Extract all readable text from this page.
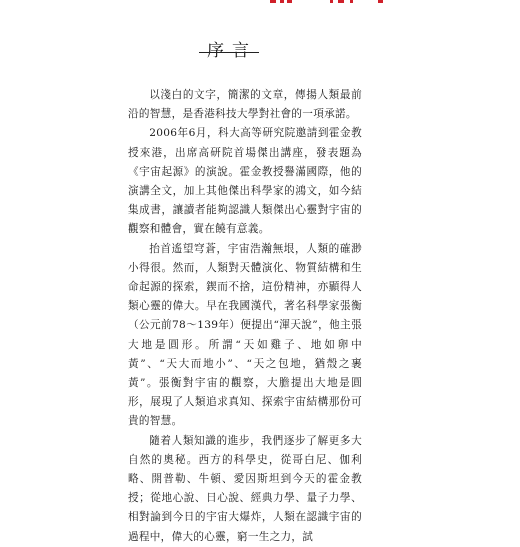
序言

以淺白的文字，簡潔的文章，傳揚人類最前沿的智慧，是香港科技大學對社會的一項承諾。

2006年6月，科大高等研究院邀請到霍金教授來港，出席高研院首場傑出講座，發表題為《宇宙起源》的演說。霍金教授譽滿國際，他的演講全文，加上其他傑出科學家的鴻文，如今結集成書，讓讀者能夠認識人類傑出心靈對宇宙的觀察和體會，實在饒有意義。

抬首遙望穹蒼，宇宙浩瀚無垠，人類的確渺小得很。然而，人類對天體演化、物質結構和生命起源的探索，鍥而不捨，這份精神，亦顯得人類心靈的偉大。早在我國漢代，著名科學家張衡（公元前78～139年）便提出“渾天說”，他主張大地是圓形。所謂“天如雞子、地如卵中黃”、“天大而地小”、“天之包地，猶殼之裹黃”。張衡對宇宙的觀察，大膽提出大地是圓形，展現了人類追求真知、探索宇宙結構那份可貴的智慧。

隨着人類知識的進步，我們逐步了解更多大自然的奧秘。西方的科學史，從哥白尼、伽利略、開普勒、牛頓、愛因斯坦到今天的霍金教授；從地心說、日心說、經典力學、量子力學、相對論到今日的宇宙大爆炸，人類在認識宇宙的過程中，偉大的心靈，窮一生之力，試
